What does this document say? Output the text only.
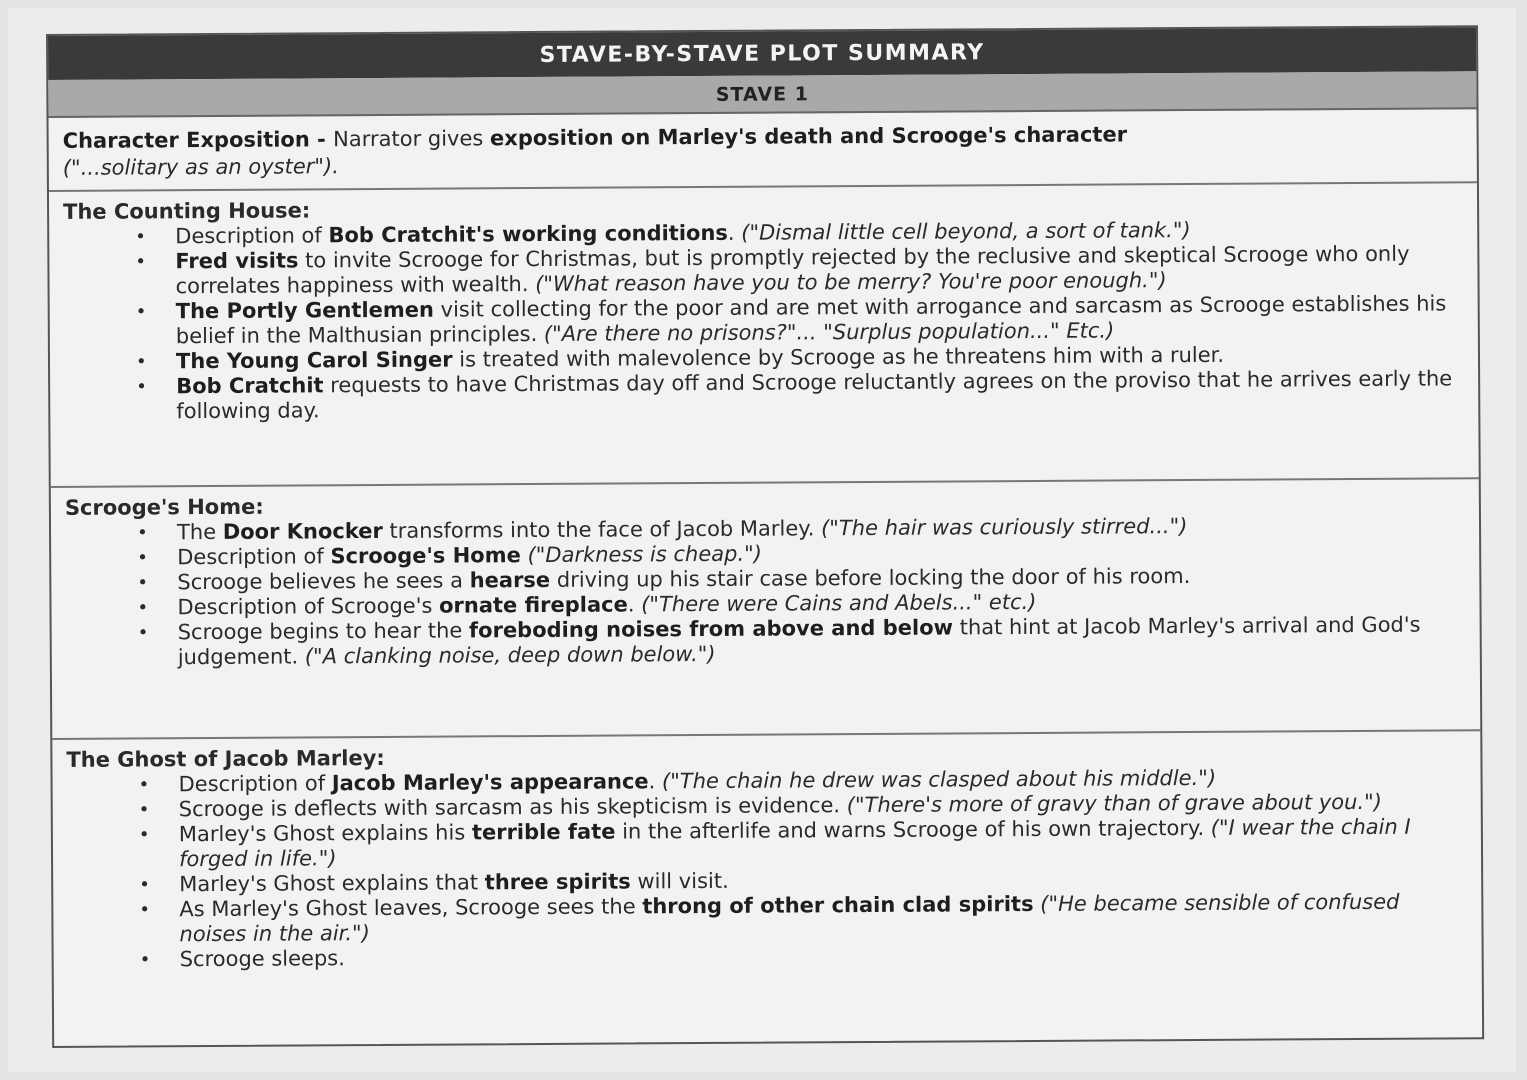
STAVE-BY-STAVE PLOT SUMMARY
STAVE 1
Character Exposition - Narrator gives exposition on Marley's death and Scrooge's character
("...solitary as an oyster").

The Counting House:

• Description of Bob Cratchit's working conditions. ("Dismal little cell beyond, a sort of tank.")
• Fred visits to invite Scrooge for Christmas, but is promptly rejected by the reclusive and skeptical Scrooge who only correlates happiness with wealth. ("What reason have you to be merry? You're poor enough.")
• The Portly Gentlemen visit collecting for the poor and are met with arrogance and sarcasm as Scrooge establishes his belief in the Malthusian principles. ("Are there no prisons?"... "Surplus population..." Etc.)
• The Young Carol Singer is treated with malevolence by Scrooge as he threatens him with a ruler.
• Bob Cratchit requests to have Christmas day off and Scrooge reluctantly agrees on the proviso that he arrives early the following day.

Scrooge's Home:

• The Door Knocker transforms into the face of Jacob Marley. ("The hair was curiously stirred...")
• Description of Scrooge's Home ("Darkness is cheap.")
• Scrooge believes he sees a hearse driving up his stair case before locking the door of his room.
• Description of Scrooge's ornate fireplace. ("There were Cains and Abels..." etc.)
• Scrooge begins to hear the foreboding noises from above and below that hint at Jacob Marley's arrival and God's judgement. ("A clanking noise, deep down below.")

The Ghost of Jacob Marley:

• Description of Jacob Marley's appearance. ("The chain he drew was clasped about his middle.")
• Scrooge is deflects with sarcasm as his skepticism is evidence. ("There's more of gravy than of grave about you.")
• Marley's Ghost explains his terrible fate in the afterlife and warns Scrooge of his own trajectory. ("I wear the chain I forged in life.")
• Marley's Ghost explains that three spirits will visit.
• As Marley's Ghost leaves, Scrooge sees the throng of other chain clad spirits ("He became sensible of confused noises in the air.")
• Scrooge sleeps.
